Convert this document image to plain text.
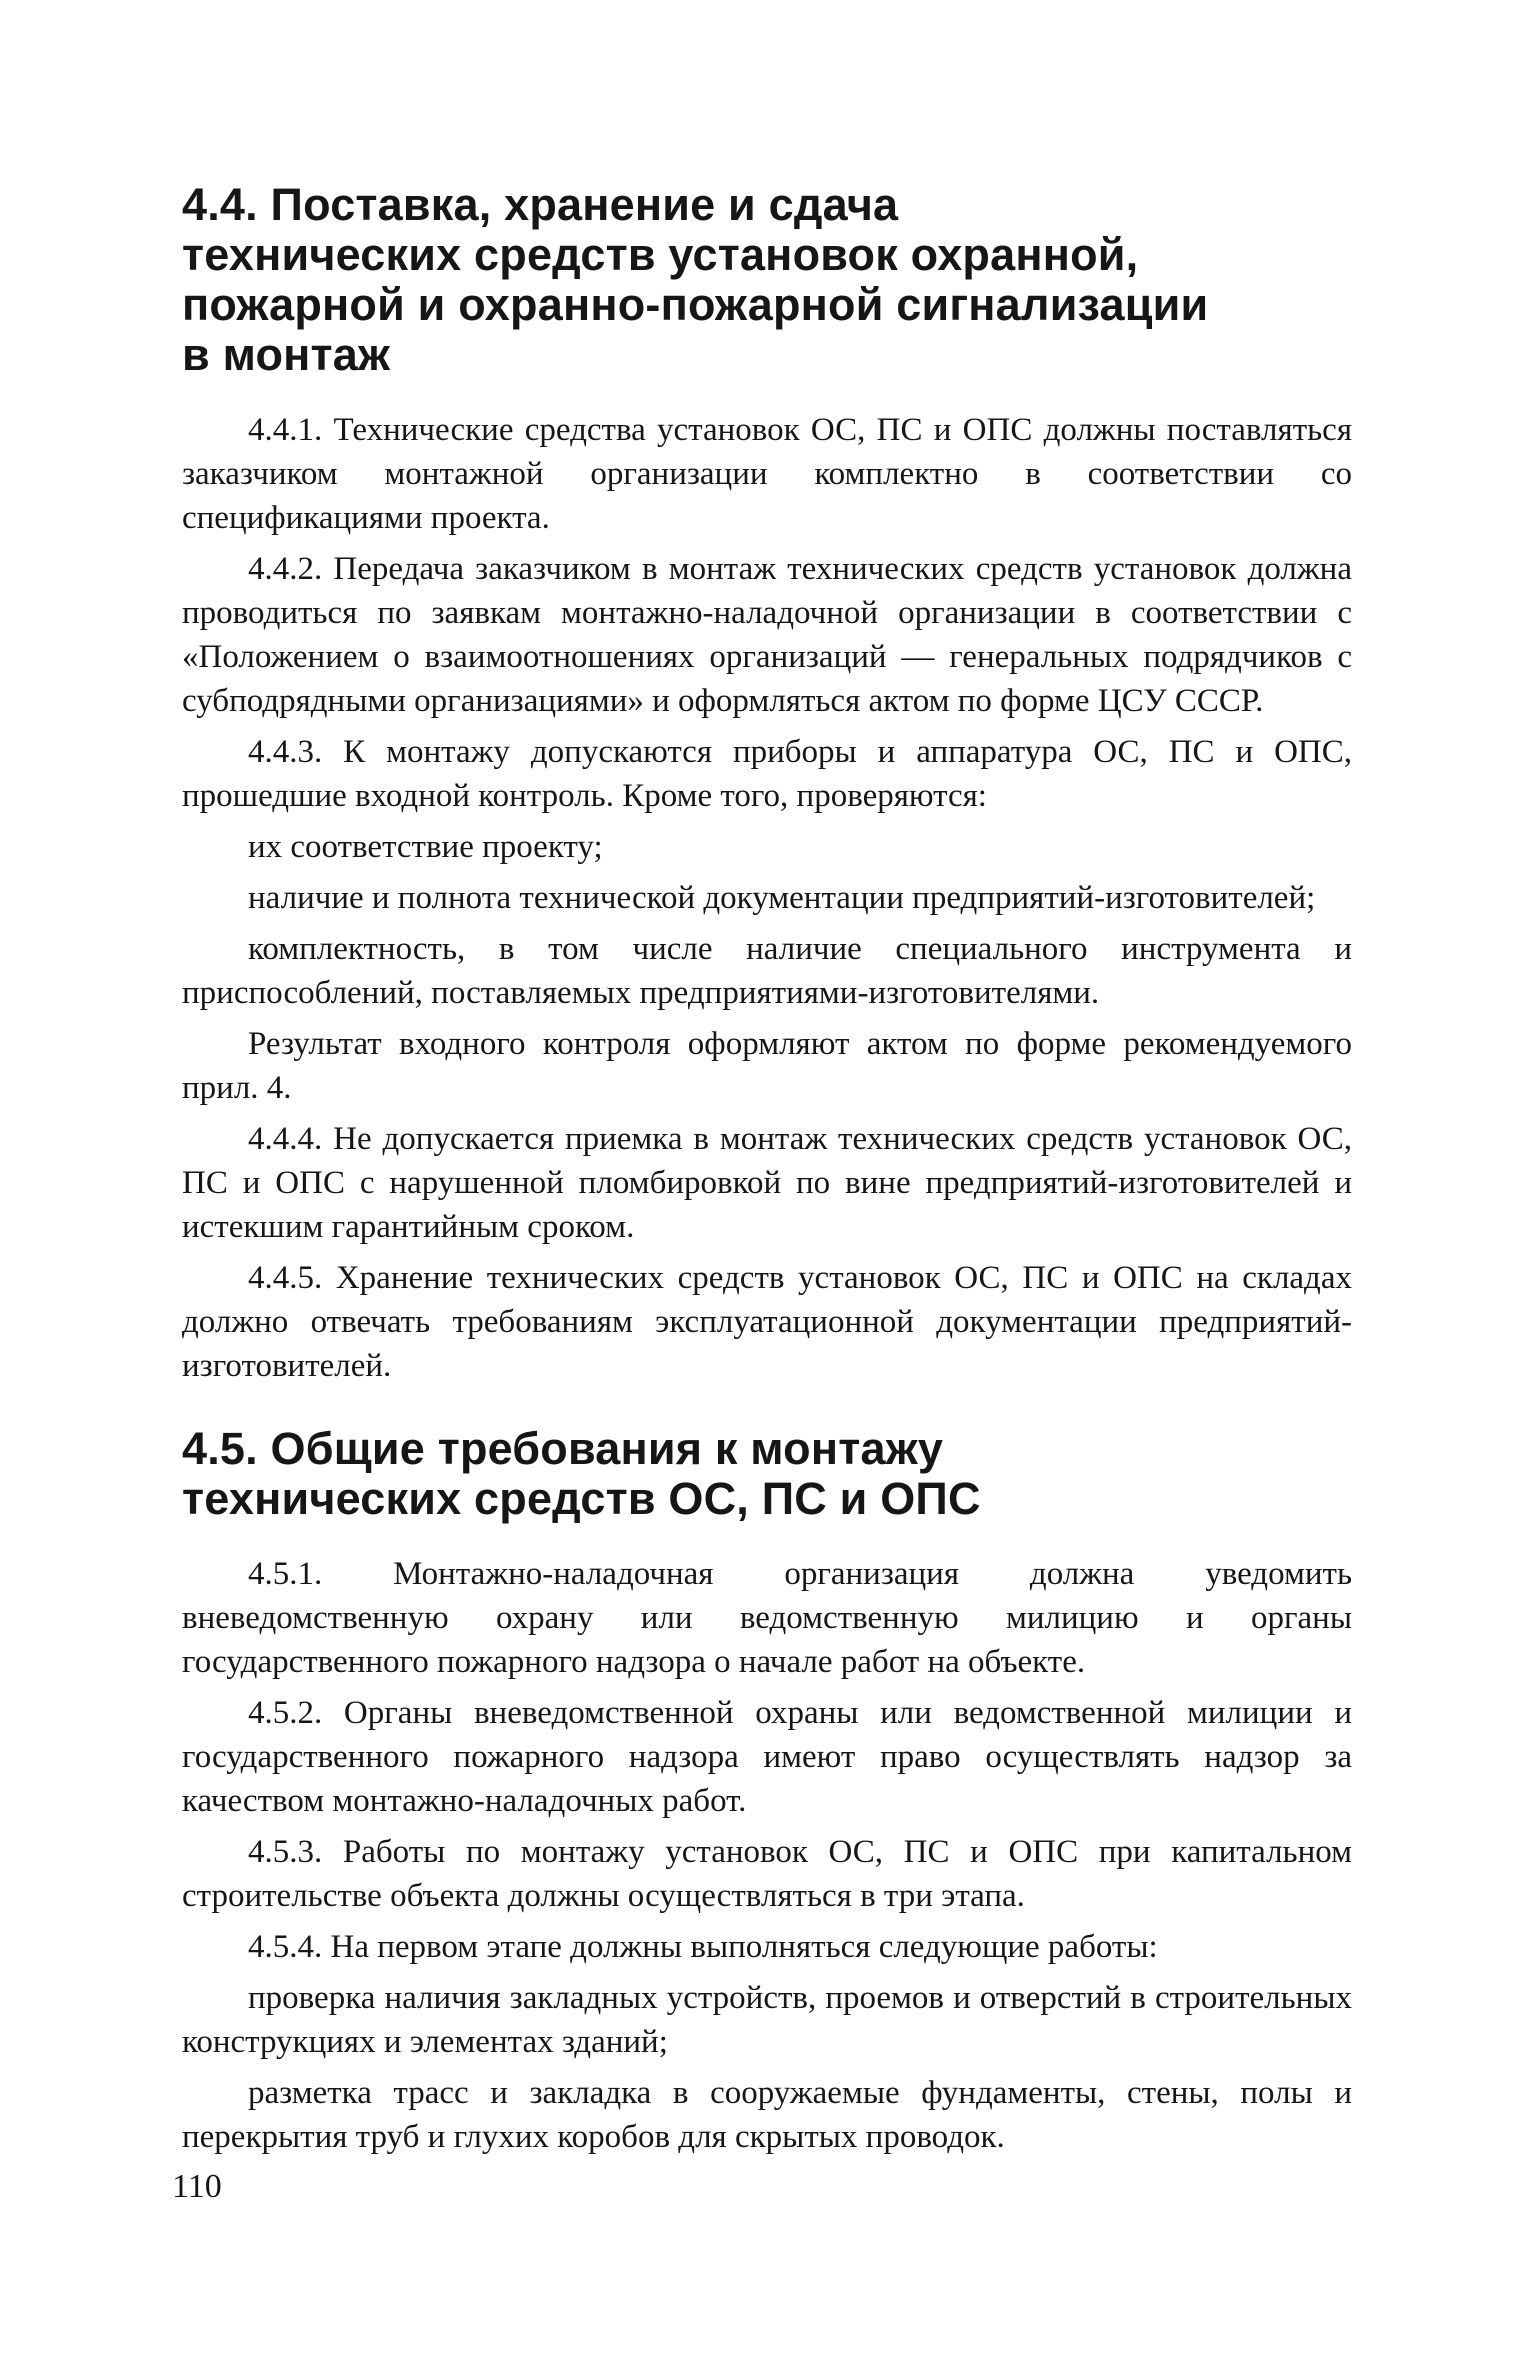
4.4. Поставка, хранение и сдача
технических средств установок охранной,
пожарной и охранно-пожарной сигнализации
в монтаж

4.4.1. Технические средства установок ОС, ПС и ОПС должны поставляться заказчиком монтажной организации комплектно в соответствии со спецификациями проекта.

4.4.2. Передача заказчиком в монтаж технических средств установок должна проводиться по заявкам монтажно-наладочной организации в соответствии с «Положением о взаимоотношениях организаций — генеральных подрядчиков с субподрядными организациями» и оформляться актом по форме ЦСУ СССР.

4.4.3. К монтажу допускаются приборы и аппаратура ОС, ПС и ОПС, прошедшие входной контроль. Кроме того, проверяются:

их соответствие проекту;

наличие и полнота технической документации предприятий-изготовителей;

комплектность, в том числе наличие специального инструмента и приспособлений, поставляемых предприятиями-изготовителями.

Результат входного контроля оформляют актом по форме рекомендуемого прил. 4.

4.4.4. Не допускается приемка в монтаж технических средств установок ОС, ПС и ОПС с нарушенной пломбировкой по вине предприятий-изготовителей и истекшим гарантийным сроком.

4.4.5. Хранение технических средств установок ОС, ПС и ОПС на складах должно отвечать требованиям эксплуатационной документации предприятий-изготовителей.

4.5. Общие требования к монтажу
технических средств ОС, ПС и ОПС

4.5.1. Монтажно-наладочная организация должна уведомить вневедомственную охрану или ведомственную милицию и органы государственного пожарного надзора о начале работ на объекте.

4.5.2. Органы вневедомственной охраны или ведомственной милиции и государственного пожарного надзора имеют право осуществлять надзор за качеством монтажно-наладочных работ.

4.5.3. Работы по монтажу установок ОС, ПС и ОПС при капитальном строительстве объекта должны осуществляться в три этапа.

4.5.4. На первом этапе должны выполняться следующие работы:

проверка наличия закладных устройств, проемов и отверстий в строительных конструкциях и элементах зданий;

разметка трасс и закладка в сооружаемые фундаменты, стены, полы и перекрытия труб и глухих коробов для скрытых проводок.

110
